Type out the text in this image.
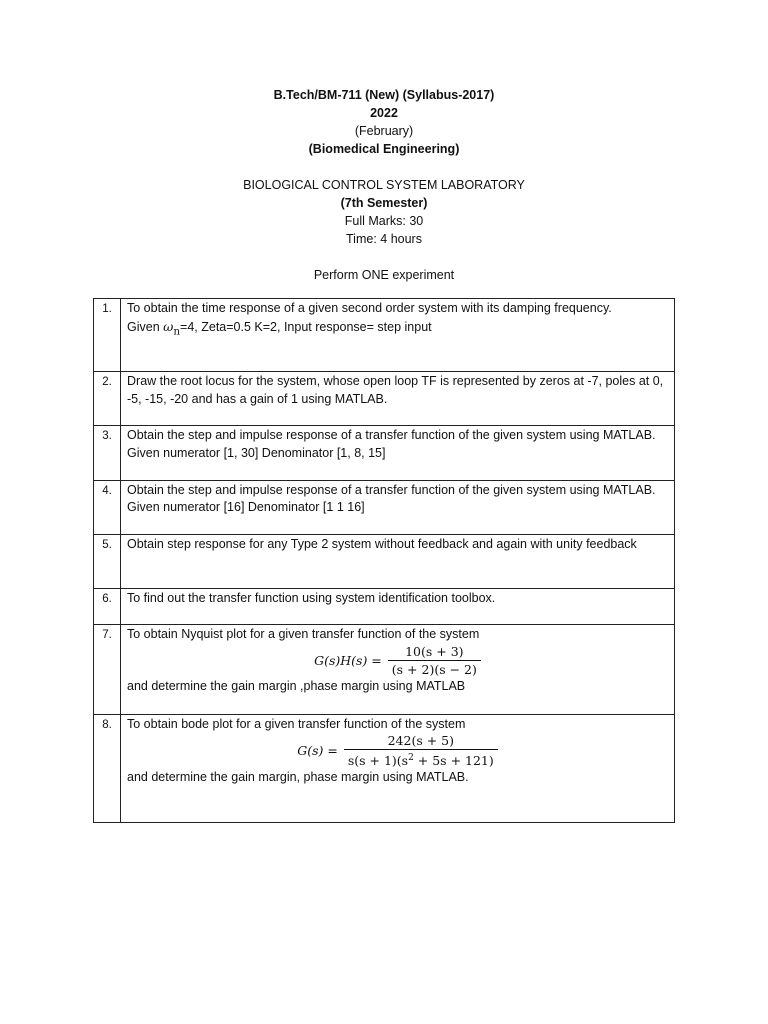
B.Tech/BM-711 (New) (Syllabus-2017)
2022
(February)
(Biomedical Engineering)
BIOLOGICAL CONTROL SYSTEM LABORATORY
(7th Semester)
Full Marks: 30
Time: 4 hours
Perform ONE experiment
1.	To obtain the time response of a given second order system with its damping frequency.
Given $\omega_n=4$, Zeta=0.5 K=2, Input response= step input

2.	Draw the root locus for the system, whose open loop TF is represented by zeros at -7, poles at 0, -5, -15, -20 and has a gain of 1 using MATLAB.
3.	Obtain the step and impulse response of a transfer function of the given system using MATLAB. Given numerator [1, 30] Denominator [1, 8, 15]
4.	Obtain the step and impulse response of a transfer function of the given system using MATLAB. Given numerator [16] Denominator [1 1 16]
5.	Obtain step response for any Type 2 system without feedback and again with unity feedback
6.	To find out the transfer function using system identification toolbox.
7.	To obtain Nyquist plot for a given transfer function of the system
$G(s)H(s) = \frac{10(s + 3)}{(s + 2)(s - 2)}$
and determine the gain margin ,phase margin using MATLAB

8.	To obtain bode plot for a given transfer function of the system
$G(s) = \frac{242(s + 5)}{s(s + 1)(s^2 + 5s + 121)}$
and determine the gain margin, phase margin using MATLAB.
